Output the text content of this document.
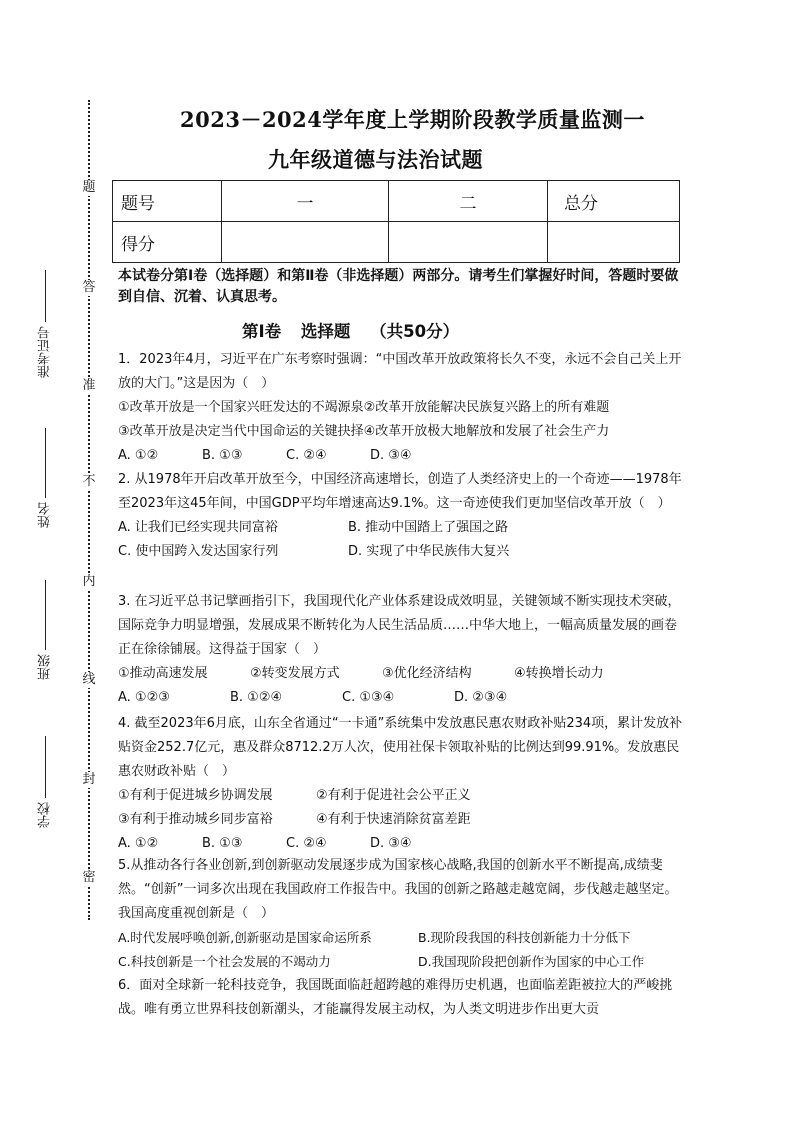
题
答
准
不
内
线
封
密
准考证号
姓名
班级
学校
2023－2024学年度上学期阶段教学质量监测一
九年级道德与法治试题
题号	一	二	总分
得分			
本试卷分第Ⅰ卷（选择题）和第Ⅱ卷（非选择题）两部分。请考生们掌握好时间，答题时要做到自信、沉着、认真思考。
第Ⅰ卷 选择题 （共50分）

1．2023年4月，习近平在广东考察时强调：“中国改革开放政策将长久不变，永远不会自己关上开放的大门。”这是因为（　）

①改革开放是一个国家兴旺发达的不竭源泉②改革开放能解决民族复兴路上的所有难题

③改革开放是决定当代中国命运的关键抉择④改革开放极大地解放和发展了社会生产力

A. ①②	B. ①③	C. ②④	D. ③④

2. 从1978年开启改革开放至今，中国经济高速增长，创造了人类经济史上的一个奇迹——1978年至2023年这45年间，中国GDP平均年增速高达9.1%。这一奇迹使我们更加坚信改革开放（　）

A. 让我们已经实现共同富裕	B. 推动中国踏上了强国之路
C. 使中国跨入发达国家行列	D. 实现了中华民族伟大复兴

3. 在习近平总书记擘画指引下，我国现代化产业体系建设成效明显，关键领域不断实现技术突破，国际竞争力明显增强，发展成果不断转化为人民生活品质……中华大地上，一幅高质量发展的画卷正在徐徐铺展。这得益于国家（　）

①推动高速发展	②转变发展方式	③优化经济结构	④转换增长动力
A. ①②③	B. ①②④	C. ①③④	D. ②③④

4. 截至2023年6月底，山东全省通过“一卡通”系统集中发放惠民惠农财政补贴234项，累计发放补贴资金252.7亿元，惠及群众8712.2万人次，使用社保卡领取补贴的比例达到99.91%。发放惠民惠农财政补贴（　）

①有利于促进城乡协调发展	②有利于促进社会公平正义
③有利于推动城乡同步富裕	④有利于快速消除贫富差距
A. ①②	B. ①③	C. ②④	D. ③④

5.从推动各行各业创新,到创新驱动发展逐步成为国家核心战略,我国的创新水平不断提高,成绩斐然。“创新”一词多次出现在我国政府工作报告中。我国的创新之路越走越宽阔，步伐越走越坚定。我国高度重视创新是（　）

A.时代发展呼唤创新,创新驱动是国家命运所系	B.现阶段我国的科技创新能力十分低下
C.科技创新是一个社会发展的不竭动力	D.我国现阶段把创新作为国家的中心工作

6．面对全球新一轮科技竞争，我国既面临赶超跨越的难得历史机遇，也面临差距被拉大的严峻挑战。唯有勇立世界科技创新潮头，才能赢得发展主动权，为人类文明进步作出更大贡
